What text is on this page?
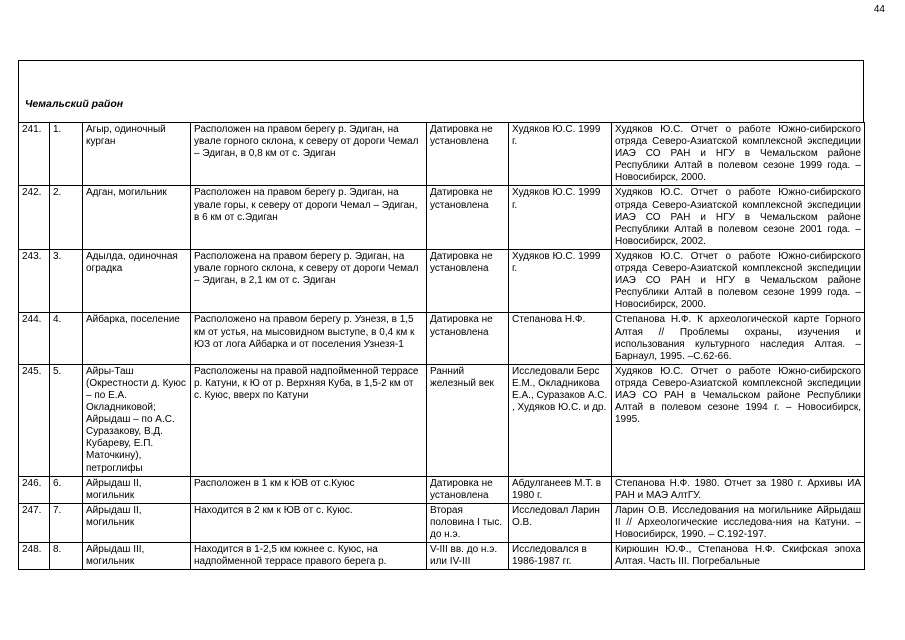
44
Чемальский район
241.	1.	Агыр, одиночный курган	Расположен на правом берегу р. Эдиган, на увале горного склона, к северу от дороги Чемал – Эдиган, в 0,8 км от с. Эдиган	Датировка не установлена	Худяков Ю.С. 1999 г.	Худяков Ю.С. Отчет о работе Южно-сибирского отряда Северо-Азиатской комплексной экспедиции ИАЭ СО РАН и НГУ в Чемальском районе Республики Алтай в полевом сезоне 1999 года. – Новосибирск, 2000.
242.	2.	Адган, могильник	Расположен на правом берегу р. Эдиган, на увале горы, к северу от дороги Чемал – Эдиган, в 6 км от с.Эдиган	Датировка не установлена	Худяков Ю.С. 1999 г.	Худяков Ю.С. Отчет о работе Южно-сибирского отряда Северо-Азиатской комплексной экспедиции ИАЭ СО РАН и НГУ в Чемальском районе Республики Алтай в полевом сезоне 2001 года. – Новосибирск, 2002.
243.	3.	Адылда, одиночная оградка	Расположена на правом берегу р. Эдиган, на увале горного склона, к северу от дороги Чемал – Эдиган, в 2,1 км от с. Эдиган	Датировка не установлена	Худяков Ю.С. 1999 г.	Худяков Ю.С. Отчет о работе Южно-сибирского отряда Северо-Азиатской комплексной экспедиции ИАЭ СО РАН и НГУ в Чемальском районе Республики Алтай в полевом сезоне 1999 года. – Новосибирск, 2000.
244.	4.	Айбарка, поселение	Расположено на правом берегу р. Узнезя, в 1,5 км от устья, на мысовидном выступе, в 0,4 км к ЮЗ от лога Айбарка и от поселения Узнезя-1	Датировка не установлена	Степанова Н.Ф.	Степанова Н.Ф. К археологической карте Горного Алтая // Проблемы охраны, изучения и использования культурного наследия Алтая. – Барнаул, 1995. –С.62-66.
245.	5.	Айры-Таш (Окрестности д. Куюс – по Е.А. Окладниковой; Айрыдаш – по А.С. Суразакову, В.Д. Кубареву, Е.П. Маточкину), петроглифы	Расположены на правой надпойменной террасе р. Катуни, к Ю от р. Верхняя Куба, в 1,5-2 км от с. Куюс, вверх по Катуни	Ранний железный век	Исследовали Берс Е.М., Окладникова Е.А., Суразаков А.С. , Худяков Ю.С. и др.	Худяков Ю.С. Отчет о работе Южно-сибирского отряда Северо-Азиатской комплексной экспедиции ИАЭ СО РАН в Чемальском районе Республики Алтай в полевом сезоне 1994 г. – Новосибирск, 1995.
246.	6.	Айрыдаш II, могильник	Расположен в 1 км к ЮВ от с.Куюс	Датировка не установлена	Абдулганеев М.Т. в 1980 г.	Степанова Н.Ф. 1980. Отчет за 1980 г. Архивы ИА РАН и МАЭ АлтГУ.
247.	7.	Айрыдаш II, могильник	Находится в 2 км к ЮВ от с. Куюс.	Вторая половина I тыс. до н.э.	Исследовал Ларин О.В.	Ларин О.В. Исследования на могильнике Айрыдаш II // Археологические исследова-ния на Катуни. –Новосибирск, 1990. – С.192-197.
248.	8.	Айрыдаш III, могильник	Находится в 1-2,5 км южнее с. Куюс, на надпойменной террасе правого берега р.	V-III вв. до н.э. или IV-III	Исследовался в 1986-1987 гг.	Кирюшин Ю.Ф., Степанова Н.Ф. Скифская эпоха Алтая. Часть III. Погребальные
